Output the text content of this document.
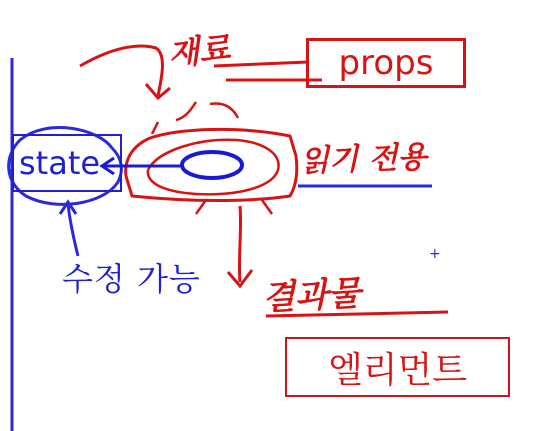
props
state
엘리먼트
수정 가능
재료
읽기 전용
결과물
+
